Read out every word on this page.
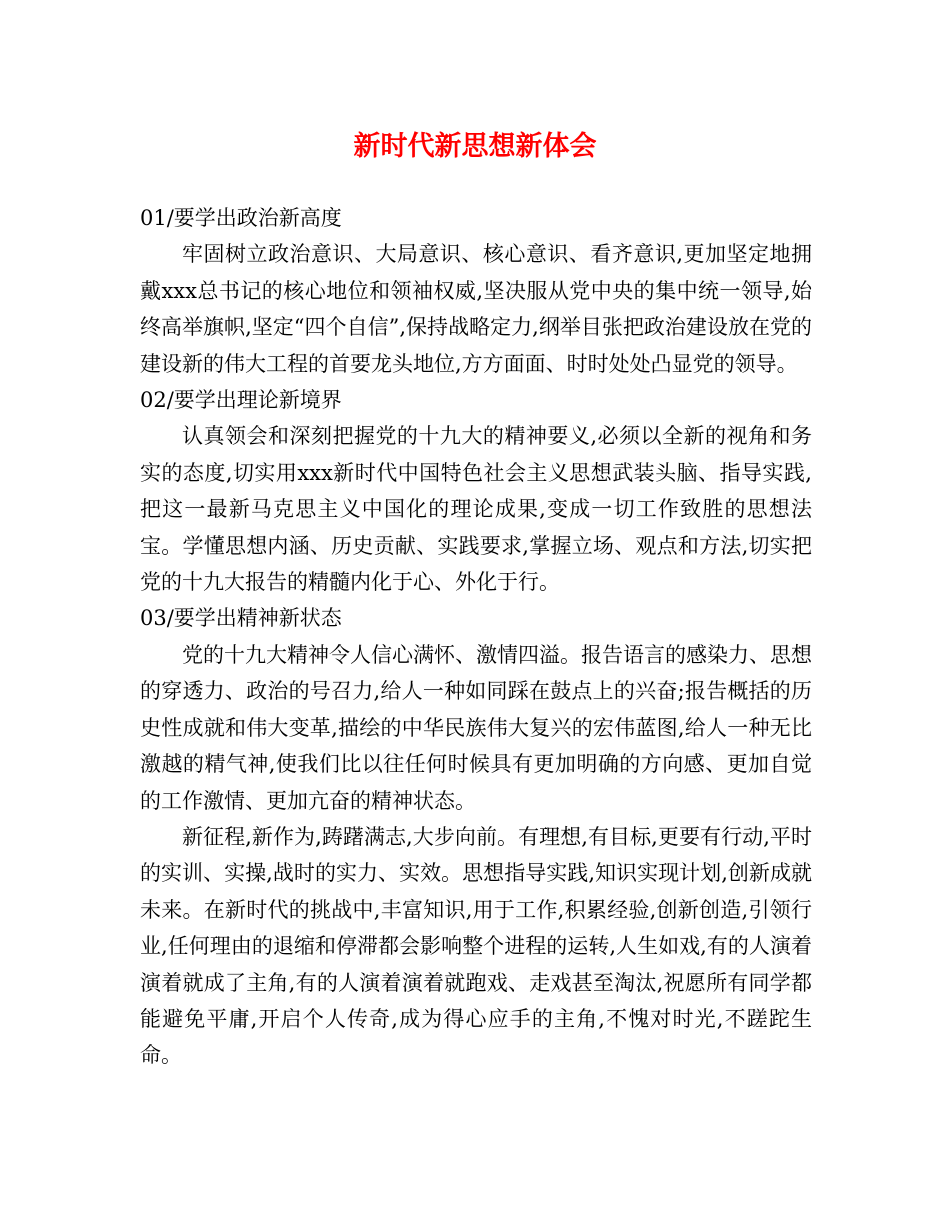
新时代新思想新体会

01/要学出政治新高度

牢固树立政治意识、大局意识、核心意识、看齐意识,更加坚定地拥戴xxx总书记的核心地位和领袖权威,坚决服从党中央的集中统一领导,始终高举旗帜,坚定“四个自信”,保持战略定力,纲举目张把政治建设放在党的建设新的伟大工程的首要龙头地位,方方面面、时时处处凸显党的领导。

02/要学出理论新境界

认真领会和深刻把握党的十九大的精神要义,必须以全新的视角和务实的态度,切实用xxx新时代中国特色社会主义思想武装头脑、指导实践,把这一最新马克思主义中国化的理论成果,变成一切工作致胜的思想法宝。学懂思想内涵、历史贡献、实践要求,掌握立场、观点和方法,切实把党的十九大报告的精髓内化于心、外化于行。

03/要学出精神新状态

党的十九大精神令人信心满怀、激情四溢。报告语言的感染力、思想的穿透力、政治的号召力,给人一种如同踩在鼓点上的兴奋;报告概括的历史性成就和伟大变革,描绘的中华民族伟大复兴的宏伟蓝图,给人一种无比激越的精气神,使我们比以往任何时候具有更加明确的方向感、更加自觉的工作激情、更加亢奋的精神状态。

新征程,新作为,踌躇满志,大步向前。有理想,有目标,更要有行动,平时的实训、实操,战时的实力、实效。思想指导实践,知识实现计划,创新成就未来。在新时代的挑战中,丰富知识,用于工作,积累经验,创新创造,引领行业,任何理由的退缩和停滞都会影响整个进程的运转,人生如戏,有的人演着演着就成了主角,有的人演着演着就跑戏、走戏甚至淘汰,祝愿所有同学都能避免平庸,开启个人传奇,成为得心应手的主角,不愧对时光,不蹉跎生命。
